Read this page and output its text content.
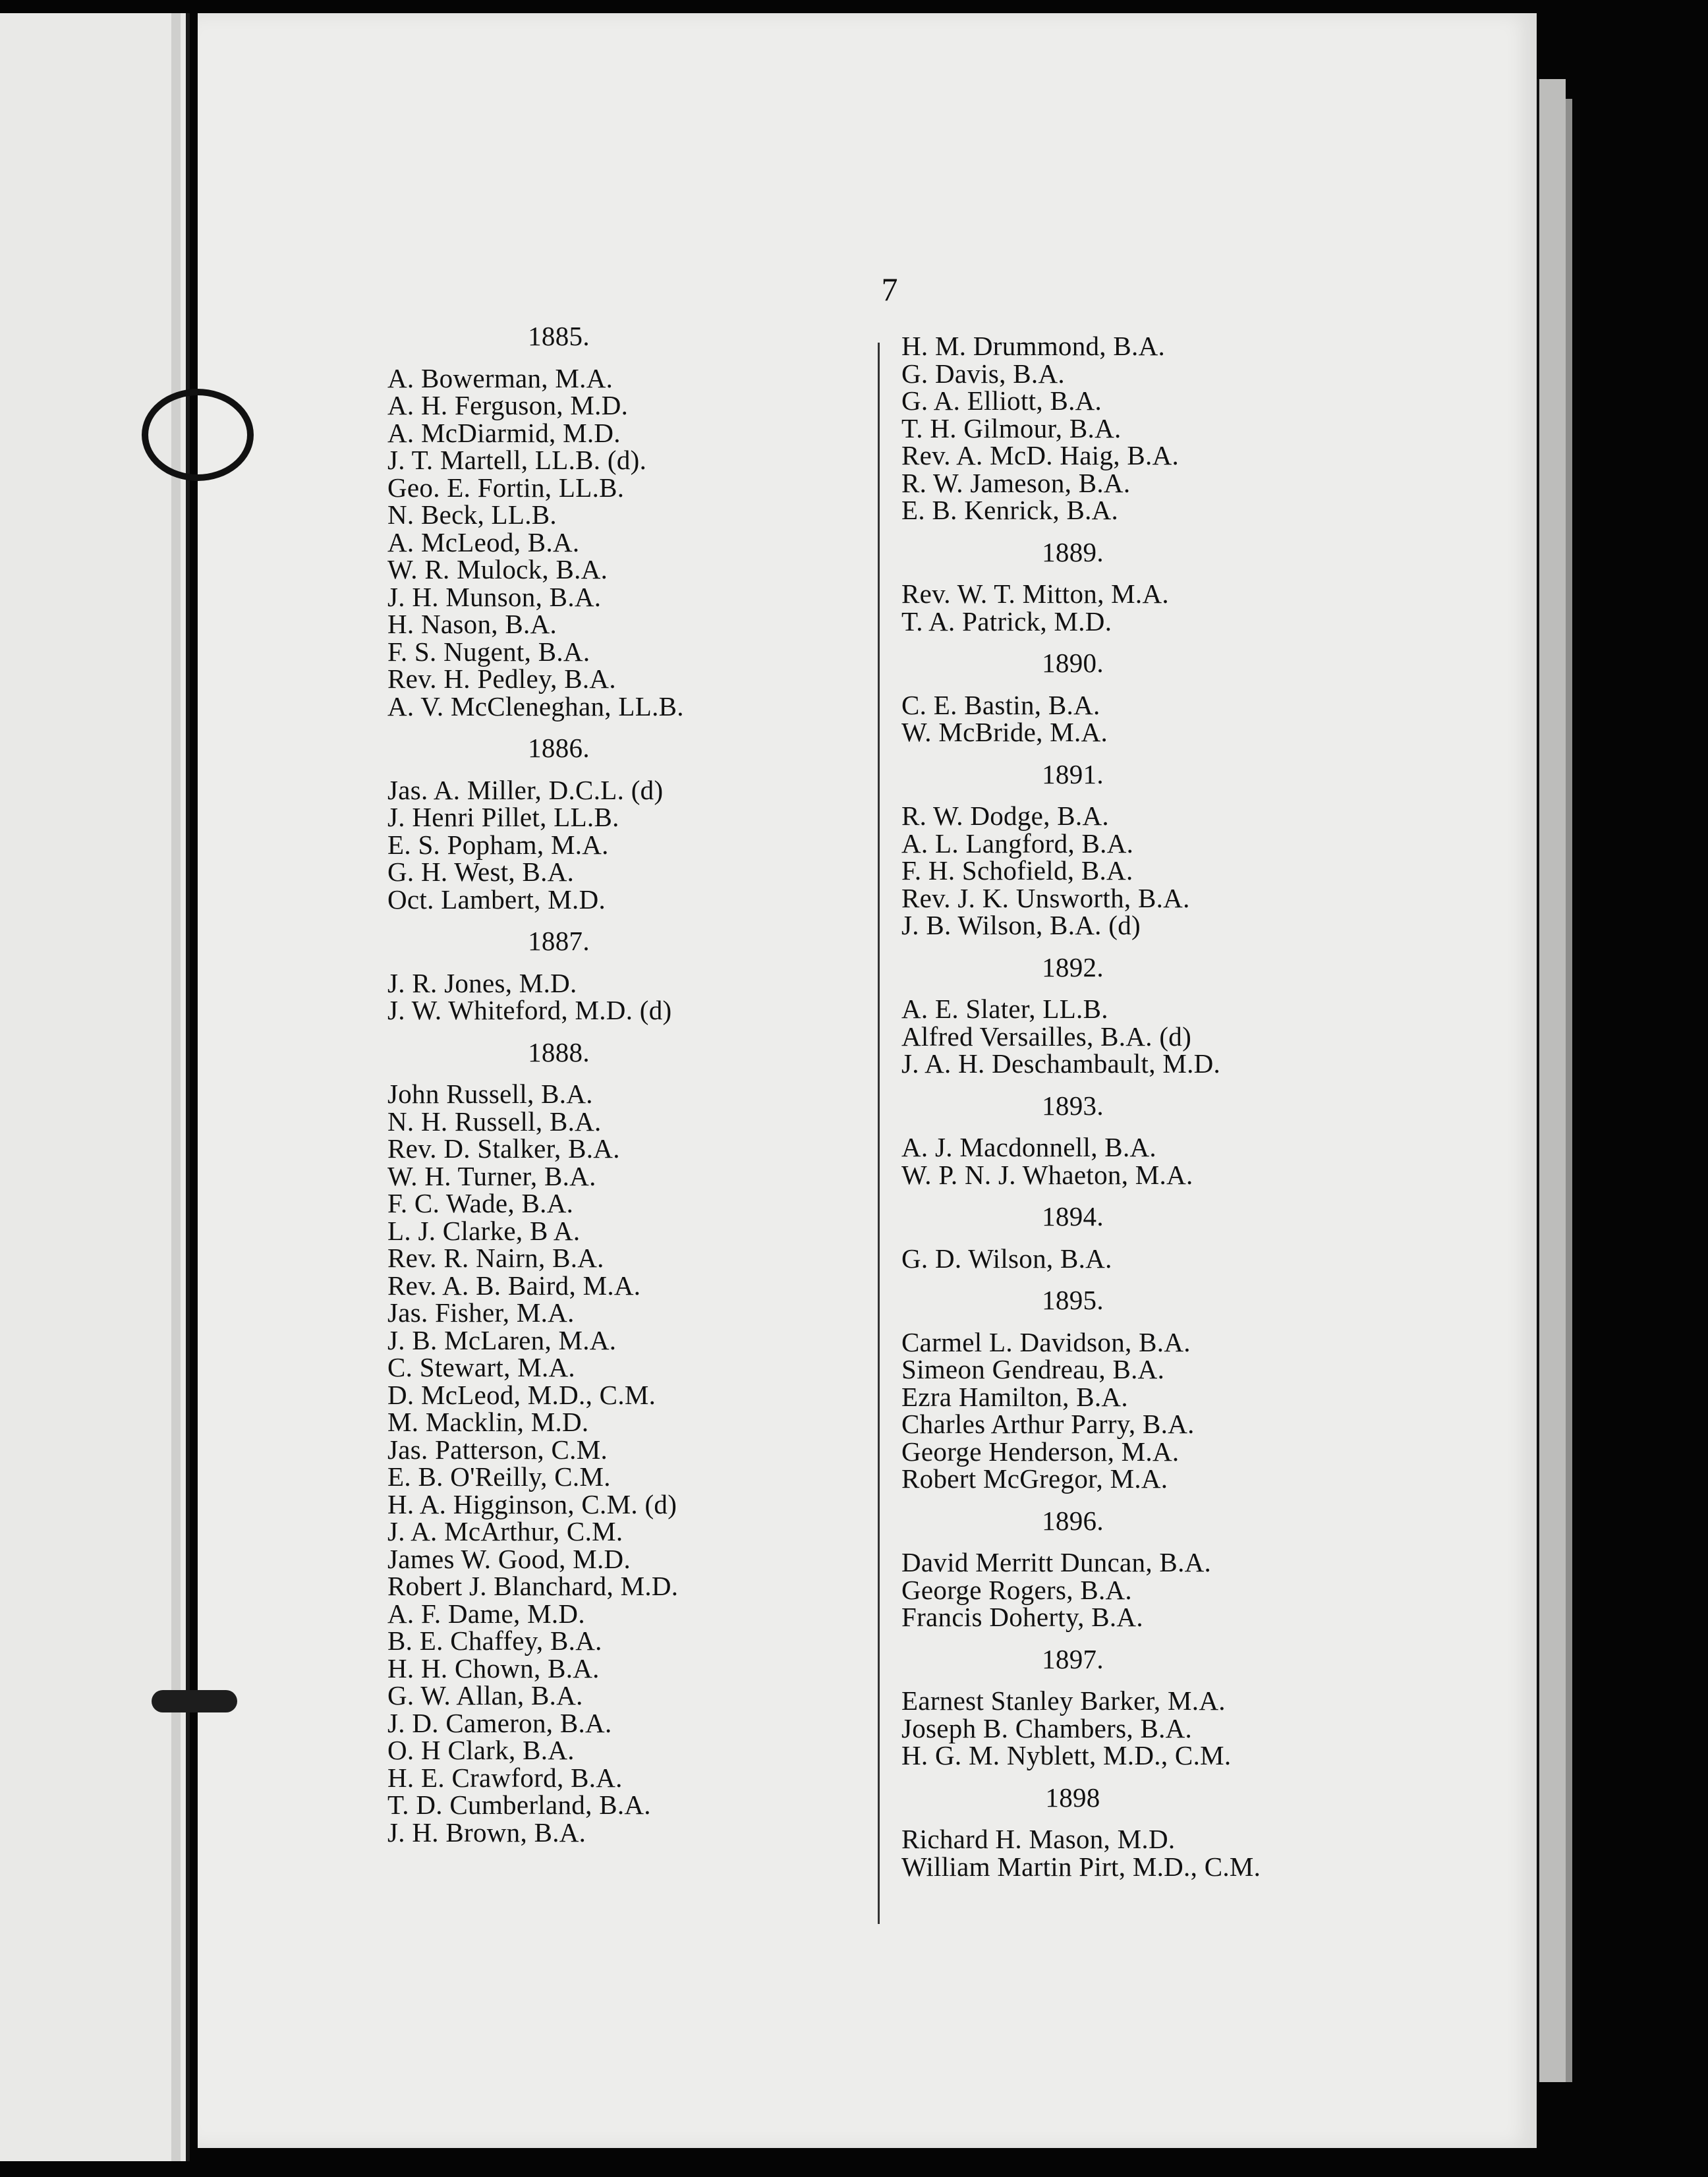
7
1885.
A. Bowerman, M.A.
A. H. Ferguson, M.D.
A. McDiarmid, M.D.
J. T. Martell, LL.B. (d).
Geo. E. Fortin, LL.B.
N. Beck, LL.B.
A. McLeod, B.A.
W. R. Mulock, B.A.
J. H. Munson, B.A.
H. Nason, B.A.
F. S. Nugent, B.A.
Rev. H. Pedley, B.A.
A. V. McCleneghan, LL.B.
1886.
Jas. A. Miller, D.C.L. (d)
J. Henri Pillet, LL.B.
E. S. Popham, M.A.
G. H. West, B.A.
Oct. Lambert, M.D.
1887.
J. R. Jones, M.D.
J. W. Whiteford, M.D. (d)
1888.
John Russell, B.A.
N. H. Russell, B.A.
Rev. D. Stalker, B.A.
W. H. Turner, B.A.
F. C. Wade, B.A.
L. J. Clarke, B A.
Rev. R. Nairn, B.A.
Rev. A. B. Baird, M.A.
Jas. Fisher, M.A.
J. B. McLaren, M.A.
C. Stewart, M.A.
D. McLeod, M.D., C.M.
M. Macklin, M.D.
Jas. Patterson, C.M.
E. B. O'Reilly, C.M.
H. A. Higginson, C.M. (d)
J. A. McArthur, C.M.
James W. Good, M.D.
Robert J. Blanchard, M.D.
A. F. Dame, M.D.
B. E. Chaffey, B.A.
H. H. Chown, B.A.
G. W. Allan, B.A.
J. D. Cameron, B.A.
O. H Clark, B.A.
H. E. Crawford, B.A.
T. D. Cumberland, B.A.
J. H. Brown, B.A.
H. M. Drummond, B.A.
G. Davis, B.A.
G. A. Elliott, B.A.
T. H. Gilmour, B.A.
Rev. A. McD. Haig, B.A.
R. W. Jameson, B.A.
E. B. Kenrick, B.A.
1889.
Rev. W. T. Mitton, M.A.
T. A. Patrick, M.D.
1890.
C. E. Bastin, B.A.
W. McBride, M.A.
1891.
R. W. Dodge, B.A.
A. L. Langford, B.A.
F. H. Schofield, B.A.
Rev. J. K. Unsworth, B.A.
J. B. Wilson, B.A. (d)
1892.
A. E. Slater, LL.B.
Alfred Versailles, B.A. (d)
J. A. H. Deschambault, M.D.
1893.
A. J. Macdonnell, B.A.
W. P. N. J. Whaeton, M.A.
1894.
G. D. Wilson, B.A.
1895.
Carmel L. Davidson, B.A.
Simeon Gendreau, B.A.
Ezra Hamilton, B.A.
Charles Arthur Parry, B.A.
George Henderson, M.A.
Robert McGregor, M.A.
1896.
David Merritt Duncan, B.A.
George Rogers, B.A.
Francis Doherty, B.A.
1897.
Earnest Stanley Barker, M.A.
Joseph B. Chambers, B.A.
H. G. M. Nyblett, M.D., C.M.
1898
Richard H. Mason, M.D.
William Martin Pirt, M.D., C.M.
